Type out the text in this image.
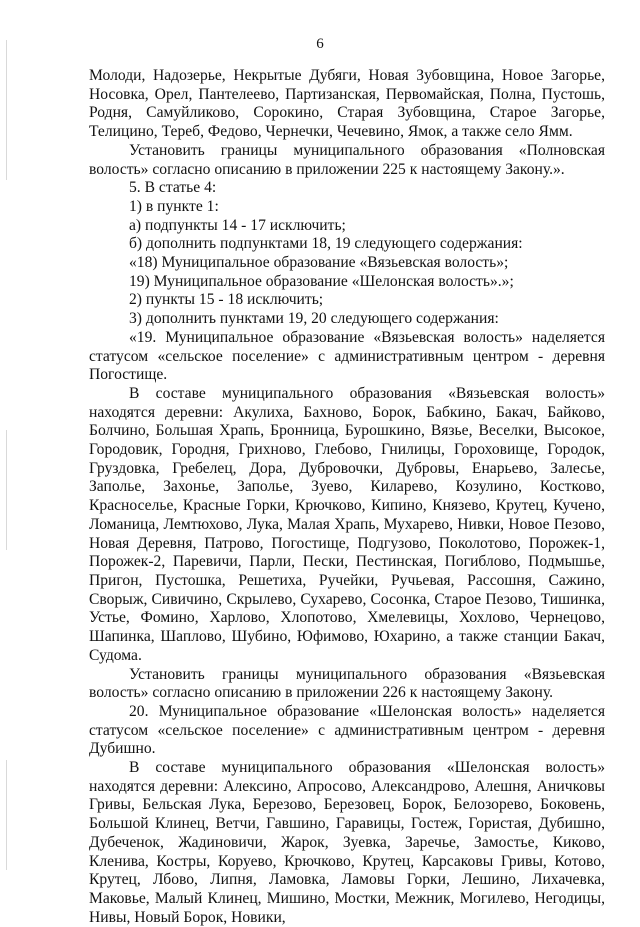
6

Молоди, Надозерье, Некрытые Дубяги, Новая Зубовщина, Новое Загорье, Носовка, Орел, Пантелеево, Партизанская, Первомайская, Полна, Пустошь, Родня, Самуйликово, Сорокино, Старая Зубовщина, Старое Загорье, Телицино, Тереб, Федово, Чернечки, Чечевино, Ямок, а также село Ямм.

Установить границы муниципального образования «Полновская волость» согласно описанию в приложении 225 к настоящему Закону.».

5. В статье 4:

1) в пункте 1:

а) подпункты 14 - 17 исключить;

б) дополнить подпунктами 18, 19 следующего содержания:

«18) Муниципальное образование «Вязьевская волость»;

19) Муниципальное образование «Шелонская волость».»;

2) пункты 15 - 18 исключить;

3) дополнить пунктами 19, 20 следующего содержания:

«19. Муниципальное образование «Вязьевская волость» наделяется статусом «сельское поселение» с административным центром - деревня Погостище.

В составе муниципального образования «Вязьевская волость» находятся деревни: Акулиха, Бахново, Борок, Бабкино, Бакач, Байково, Болчино, Большая Храпь, Бронница, Бурошкино, Вязье, Веселки, Высокое, Городовик, Городня, Грихново, Глебово, Гнилицы, Гороховище, Городок, Груздовка, Гребелец, Дора, Дубровочки, Дубровы, Енарьево, Залесье, Заполье, Захонье, Заполье, Зуево, Киларево, Козулино, Костково, Красноселье, Красные Горки, Крючково, Кипино, Князево, Крутец, Кучено, Ломаница, Лемтюхово, Лука, Малая Храпь, Мухарево, Нивки, Новое Пезово, Новая Деревня, Патрово, Погостище, Подгузово, Поколотово, Порожек-1, Порожек-2, Паревичи, Парли, Пески, Пестинская, Погиблово, Подмышье, Пригон, Пустошка, Решетиха, Ручейки, Ручьевая, Рассошня, Сажино, Сворыж, Сивичино, Скрылево, Сухарево, Сосонка, Старое Пезово, Тишинка, Устье, Фомино, Харлово, Хлопотово, Хмелевицы, Хохлово, Чернецово, Шапинка, Шаплово, Шубино, Юфимово, Юхарино, а также станции Бакач, Судома.

Установить границы муниципального образования «Вязьевская волость» согласно описанию в приложении 226 к настоящему Закону.

20. Муниципальное образование «Шелонская волость» наделяется статусом «сельское поселение» с административным центром - деревня Дубишно.

В составе муниципального образования «Шелонская волость» находятся деревни: Алексино, Апросово, Александрово, Алешня, Аничковы Гривы, Бельская Лука, Березово, Березовец, Борок, Белозорево, Боковень, Большой Клинец, Ветчи, Гавшино, Гаравицы, Гостеж, Гористая, Дубишно, Дубеченок, Жадиновичи, Жарок, Зуевка, Заречье, Замостье, Киково, Кленива, Костры, Коруево, Крючково, Крутец, Карсаковы Гривы, Котово, Крутец, Лбово, Липня, Ламовка, Ламовы Горки, Лешино, Лихачевка, Маковье, Малый Клинец, Мишино, Мостки, Межник, Могилево, Негодицы, Нивы, Новый Борок, Новики,
